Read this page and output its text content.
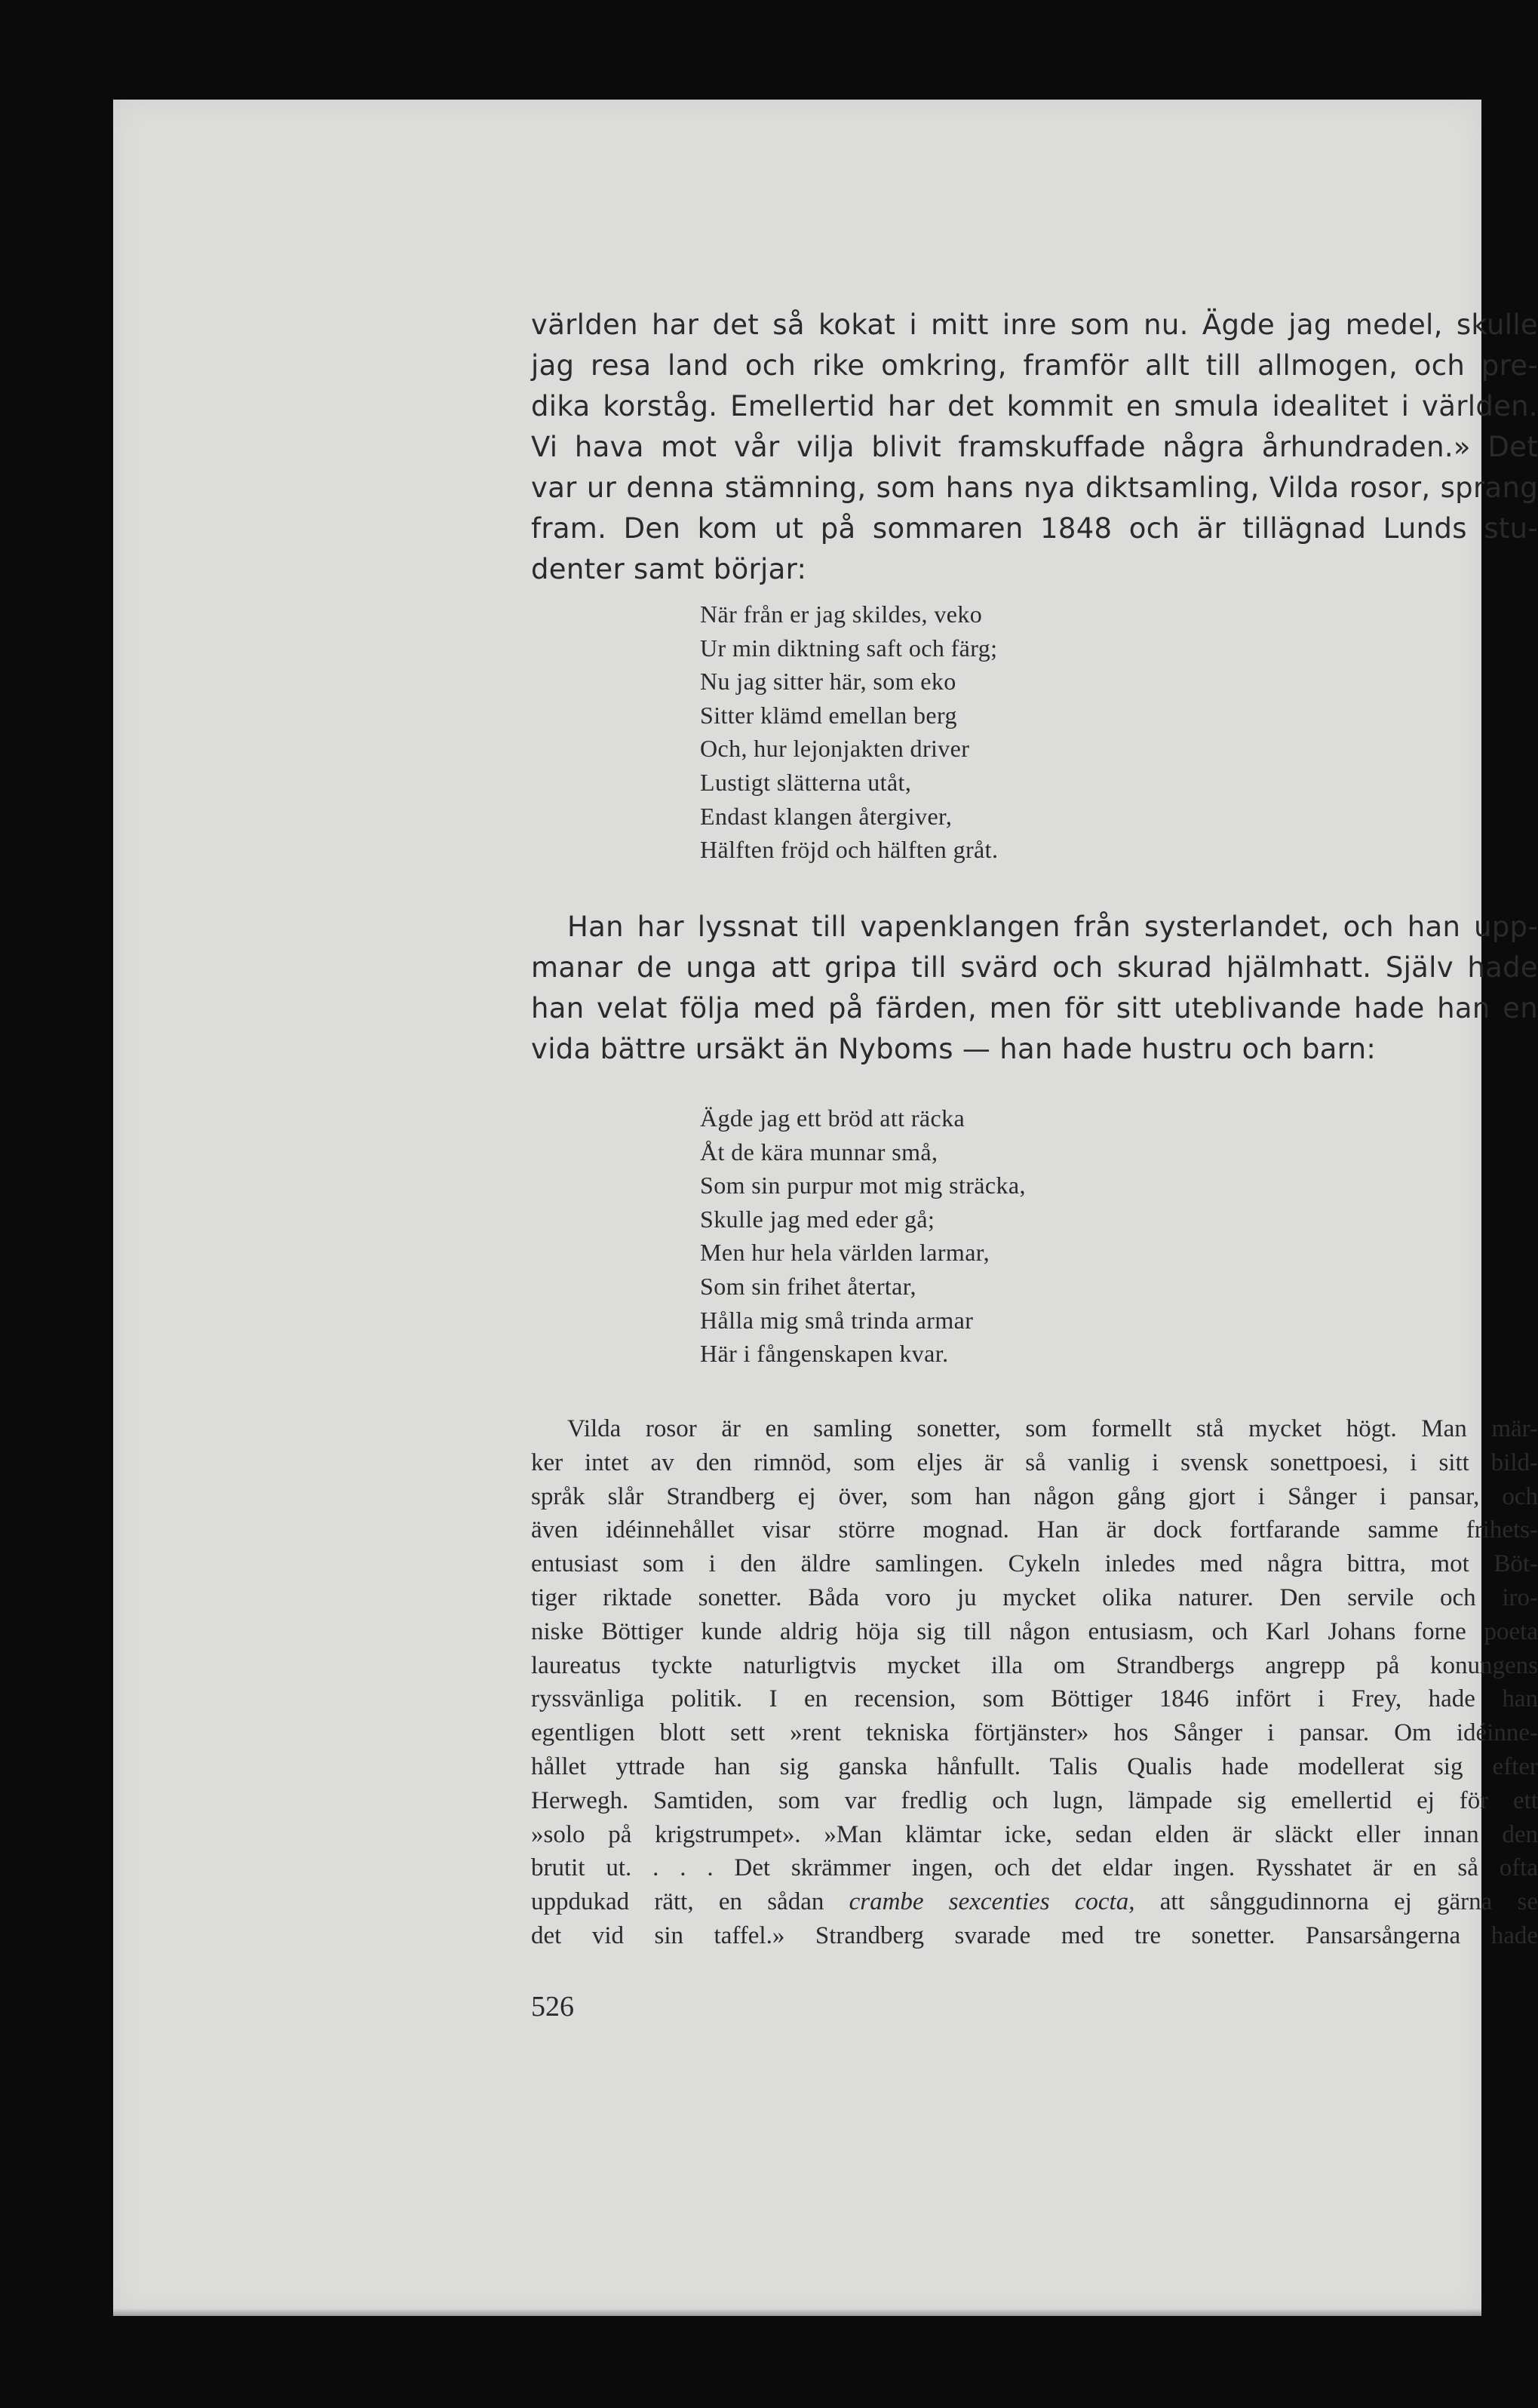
världen har det så kokat i mitt inre som nu. Ägde jag medel, skulle
jag resa land och rike omkring, framför allt till allmogen, och pre-
dika korståg. Emellertid har det kommit en smula idealitet i världen.
Vi hava mot vår vilja blivit framskuffade några århundraden.» Det
var ur denna stämning, som hans nya diktsamling, Vilda rosor, sprang
fram. Den kom ut på sommaren 1848 och är tillägnad Lunds stu-
denter samt börjar:
När från er jag skildes, veko
Ur min diktning saft och färg;
Nu jag sitter här, som eko
Sitter klämd emellan berg
Och, hur lejonjakten driver
Lustigt slätterna utåt,
Endast klangen återgiver,
Hälften fröjd och hälften gråt.
Han har lyssnat till vapenklangen från systerlandet, och han upp-
manar de unga att gripa till svärd och skurad hjälmhatt. Själv hade
han velat följa med på färden, men för sitt uteblivande hade han en
vida bättre ursäkt än Nyboms — han hade hustru och barn:
Ägde jag ett bröd att räcka
Åt de kära munnar små,
Som sin purpur mot mig sträcka,
Skulle jag med eder gå;
Men hur hela världen larmar,
Som sin frihet återtar,
Hålla mig små trinda armar
Här i fångenskapen kvar.
Vilda rosor är en samling sonetter, som formellt stå mycket högt. Man mär-
ker intet av den rimnöd, som eljes är så vanlig i svensk sonettpoesi, i sitt bild-
språk slår Strandberg ej över, som han någon gång gjort i Sånger i pansar, och
även idéinnehållet visar större mognad. Han är dock fortfarande samme frihets-
entusiast som i den äldre samlingen. Cykeln inledes med några bittra, mot Böt-
tiger riktade sonetter. Båda voro ju mycket olika naturer. Den servile och iro-
niske Böttiger kunde aldrig höja sig till någon entusiasm, och Karl Johans forne poeta
laureatus tyckte naturligtvis mycket illa om Strandbergs angrepp på konungens
ryssvänliga politik. I en recension, som Böttiger 1846 infört i Frey, hade han
egentligen blott sett »rent tekniska förtjänster» hos Sånger i pansar. Om idéinne-
hållet yttrade han sig ganska hånfullt. Talis Qualis hade modellerat sig efter
Herwegh. Samtiden, som var fredlig och lugn, lämpade sig emellertid ej för ett
»solo på krigstrumpet». »Man klämtar icke, sedan elden är släckt eller innan den
brutit ut. . . . Det skrämmer ingen, och det eldar ingen. Rysshatet är en så ofta
uppdukad rätt, en sådan crambe sexcenties cocta, att sånggudinnorna ej gärna se
det vid sin taffel.» Strandberg svarade med tre sonetter. Pansarsångerna hade
526
